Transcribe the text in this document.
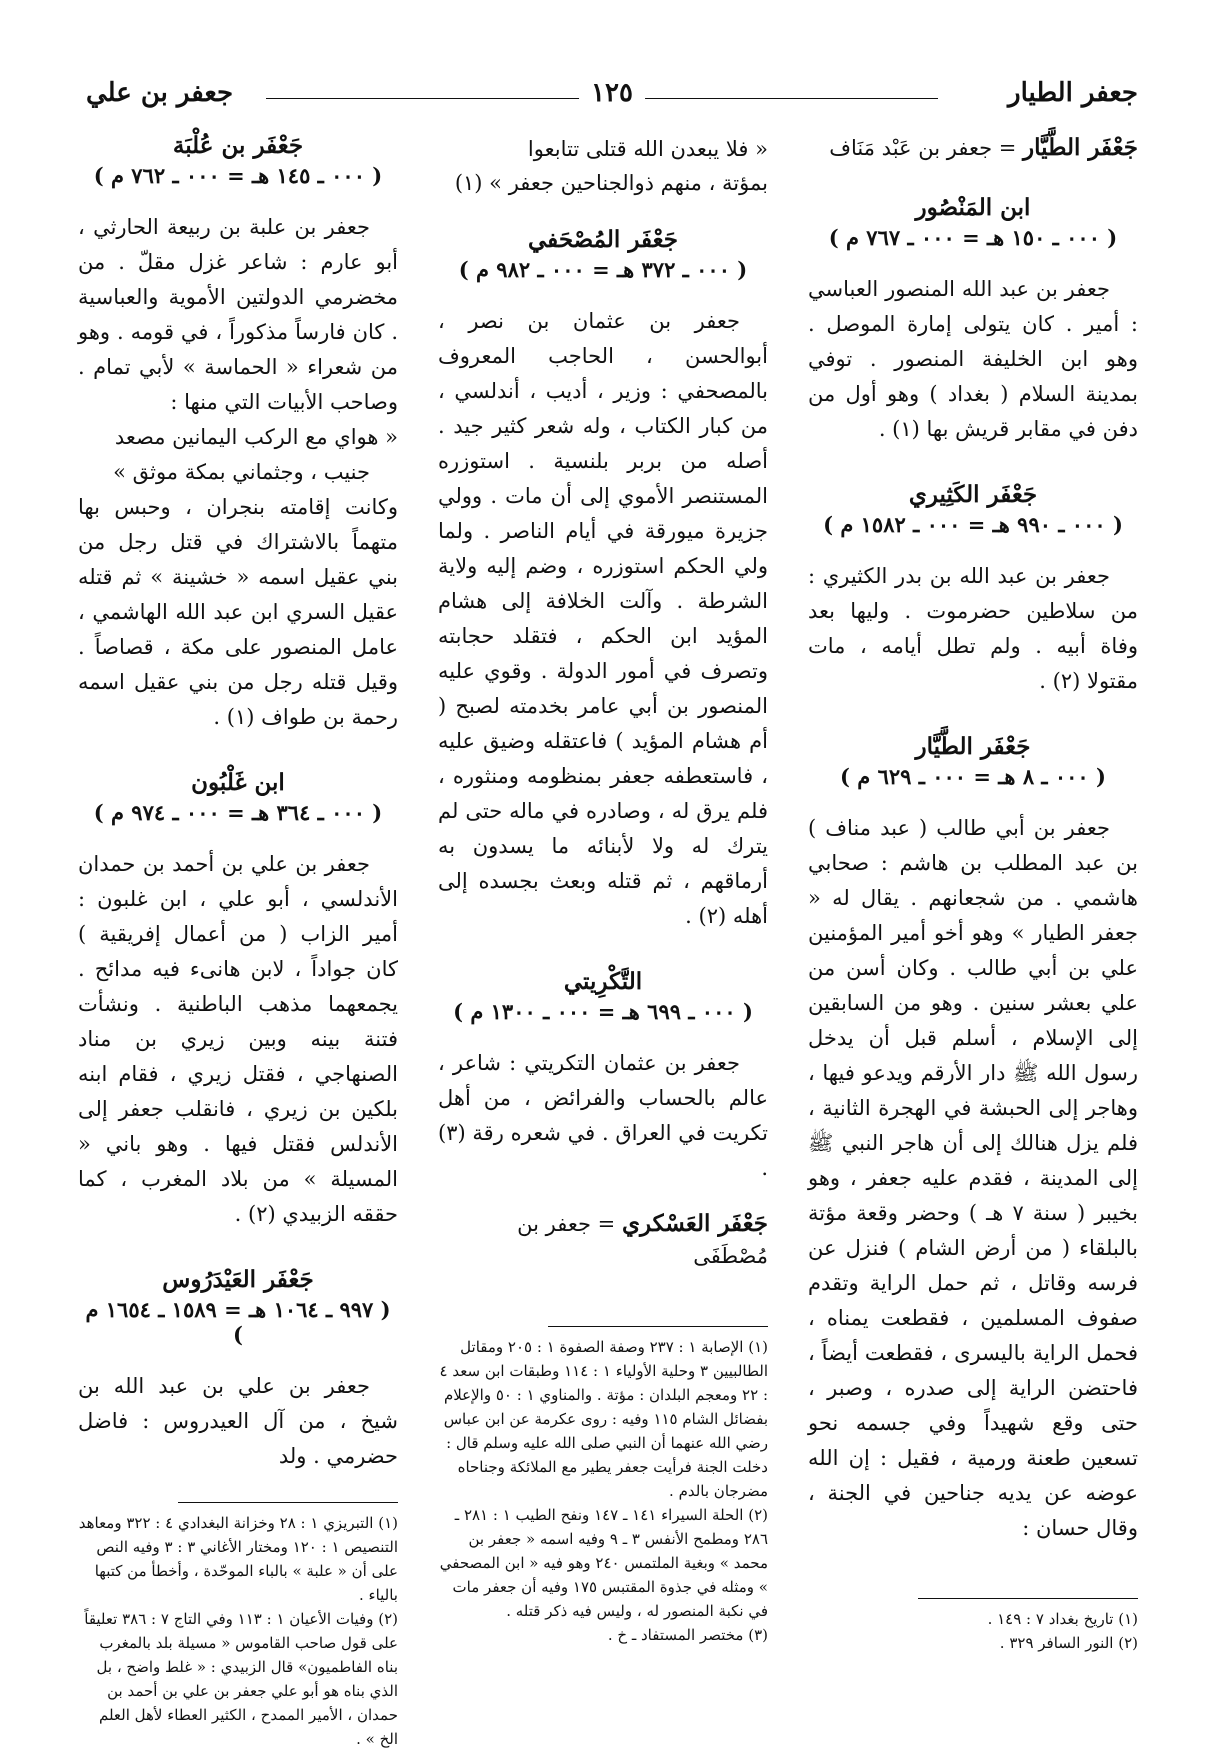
جعفر الطيار
١٢٥
جعفر بن علي

جَعْفَر الطَّيَّار = جعفر بن عَبْد مَنَاف

ابن المَنْصُور

( ٠٠٠ ـ ١٥٠ هـ = ٠٠٠ ـ ٧٦٧ م )

جعفر بن عبد الله المنصور العباسي : أمير . كان يتولى إمارة الموصل . وهو ابن الخليفة المنصور . توفي بمدينة السلام ( بغداد ) وهو أول من دفن في مقابر قريش بها (١) .

جَعْفَر الكَثِيري

( ٠٠٠ ـ ٩٩٠ هـ = ٠٠٠ ـ ١٥٨٢ م )

جعفر بن عبد الله بن بدر الكثيري : من سلاطين حضرموت . وليها بعد وفاة أبيه . ولم تطل أيامه ، مات مقتولا (٢) .

جَعْفَر الطَّيَّار

( ٠٠٠ ـ ٨ هـ = ٠٠٠ ـ ٦٢٩ م )

جعفر بن أبي طالب ( عبد مناف ) بن عبد المطلب بن هاشم : صحابي هاشمي . من شجعانهم . يقال له « جعفر الطيار » وهو أخو أمير المؤمنين علي بن أبي طالب . وكان أسن من علي بعشر سنين . وهو من السابقين إلى الإسلام ، أسلم قبل أن يدخل رسول الله ﷺ دار الأرقم ويدعو فيها ، وهاجر إلى الحبشة في الهجرة الثانية ، فلم يزل هنالك إلى أن هاجر النبي ﷺ إلى المدينة ، فقدم عليه جعفر ، وهو بخيبر ( سنة ٧ هـ ) وحضر وقعة مؤتة بالبلقاء ( من أرض الشام ) فنزل عن فرسه وقاتل ، ثم حمل الراية وتقدم صفوف المسلمين ، فقطعت يمناه ، فحمل الراية باليسرى ، فقطعت أيضاً ، فاحتضن الراية إلى صدره ، وصبر ، حتى وقع شهيداً وفي جسمه نحو تسعين طعنة ورمية ، فقيل : إن الله عوضه عن يديه جناحين في الجنة ، وقال حسان :

(١) تاريخ بغداد ٧ : ١٤٩ .

(٢) النور السافر ٣٢٩ .

« فلا يبعدن الله قتلى تتابعوا
بمؤتة ، منهم ذوالجناحين جعفر » (١)

جَعْفَر المُصْحَفي

( ٠٠٠ ـ ٣٧٢ هـ = ٠٠٠ ـ ٩٨٢ م )

جعفر بن عثمان بن نصر ، أبوالحسن ، الحاجب المعروف بالمصحفي : وزير ، أديب ، أندلسي ، من كبار الكتاب ، وله شعر كثير جيد . أصله من بربر بلنسية . استوزره المستنصر الأموي إلى أن مات . وولي جزيرة ميورقة في أيام الناصر . ولما ولي الحكم استوزره ، وضم إليه ولاية الشرطة . وآلت الخلافة إلى هشام المؤيد ابن الحكم ، فتقلد حجابته وتصرف في أمور الدولة . وقوي عليه المنصور بن أبي عامر بخدمته لصبح ( أم هشام المؤيد ) فاعتقله وضيق عليه ، فاستعطفه جعفر بمنظومه ومنثوره ، فلم يرق له ، وصادره في ماله حتى لم يترك له ولا لأبنائه ما يسدون به أرماقهم ، ثم قتله وبعث بجسده إلى أهله (٢) .

التَّكْرِيتي

( ٠٠٠ ـ ٦٩٩ هـ = ٠٠٠ ـ ١٣٠٠ م )

جعفر بن عثمان التكريتي : شاعر ، عالم بالحساب والفرائض ، من أهل تكريت في العراق . في شعره رقة (٣) .

جَعْفَر العَسْكري = جعفر بن مُصْطَفَى

(١) الإصابة ١ : ٢٣٧ وصفة الصفوة ١ : ٢٠٥ ومقاتل الطالبيين ٣ وحلية الأولياء ١ : ١١٤ وطبقات ابن سعد ٤ : ٢٢ ومعجم البلدان : مؤتة . والمناوي ١ : ٥٠ والإعلام بفضائل الشام ١١٥ وفيه : روى عكرمة عن ابن عباس رضي الله عنهما أن النبي صلى الله عليه وسلم قال : دخلت الجنة فرأيت جعفر يطير مع الملائكة وجناحاه مضرجان بالدم .

(٢) الحلة السيراء ١٤١ ـ ١٤٧ ونفح الطيب ١ : ٢٨١ ـ ٢٨٦ ومطمح الأنفس ٣ ـ ٩ وفيه اسمه « جعفر بن محمد » وبغية الملتمس ٢٤٠ وهو فيه « ابن المصحفي » ومثله في جذوة المقتبس ١٧٥ وفيه أن جعفر مات في نكبة المنصور له ، وليس فيه ذكر قتله .

(٣) مختصر المستفاد ـ خ .

جَعْفَر بن عُلْبَة

( ٠٠٠ ـ ١٤٥ هـ = ٠٠٠ ـ ٧٦٢ م )

جعفر بن علبة بن ربيعة الحارثي ، أبو عارم : شاعر غزل مقلّ . من مخضرمي الدولتين الأموية والعباسية . كان فارساً مذكوراً ، في قومه . وهو من شعراء « الحماسة » لأبي تمام . وصاحب الأبيات التي منها :

« هواي مع الركب اليمانين مصعد

جنيب ، وجثماني بمكة موثق »

وكانت إقامته بنجران ، وحبس بها متهماً بالاشتراك في قتل رجل من بني عقيل اسمه « خشينة » ثم قتله عقيل السري ابن عبد الله الهاشمي ، عامل المنصور على مكة ، قصاصاً . وقيل قتله رجل من بني عقيل اسمه رحمة بن طواف (١) .

ابن غَلْبُون

( ٠٠٠ ـ ٣٦٤ هـ = ٠٠٠ ـ ٩٧٤ م )

جعفر بن علي بن أحمد بن حمدان الأندلسي ، أبو علي ، ابن غلبون : أمير الزاب ( من أعمال إفريقية ) كان جواداً ، لابن هانىء فيه مدائح . يجمعهما مذهب الباطنية . ونشأت فتنة بينه وبين زيري بن مناد الصنهاجي ، فقتل زيري ، فقام ابنه بلكين بن زيري ، فانقلب جعفر إلى الأندلس فقتل فيها . وهو باني « المسيلة » من بلاد المغرب ، كما حققه الزبيدي (٢) .

جَعْفَر العَيْدَرُوس

( ٩٩٧ ـ ١٠٦٤ هـ = ١٥٨٩ ـ ١٦٥٤ م )

جعفر بن علي بن عبد الله بن شيخ ، من آل العيدروس : فاضل حضرمي . ولد

(١) التبريزي ١ : ٢٨ وخزانة البغدادي ٤ : ٣٢٢ ومعاهد التنصيص ١ : ١٢٠ ومختار الأغاني ٣ : ٣ وفيه النص على أن « علبة » بالباء الموحّدة ، وأخطأ من كتبها بالياء .

(٢) وفيات الأعيان ١ : ١١٣ وفي التاج ٧ : ٣٨٦ تعليقاً على قول صاحب القاموس « مسيلة بلد بالمغرب بناه الفاطميون» قال الزبيدي : « غلط واضح ، بل الذي بناه هو أبو علي جعفر بن علي بن أحمد بن حمدان ، الأمير الممدح ، الكثير العطاء لأهل العلم الخ » .
